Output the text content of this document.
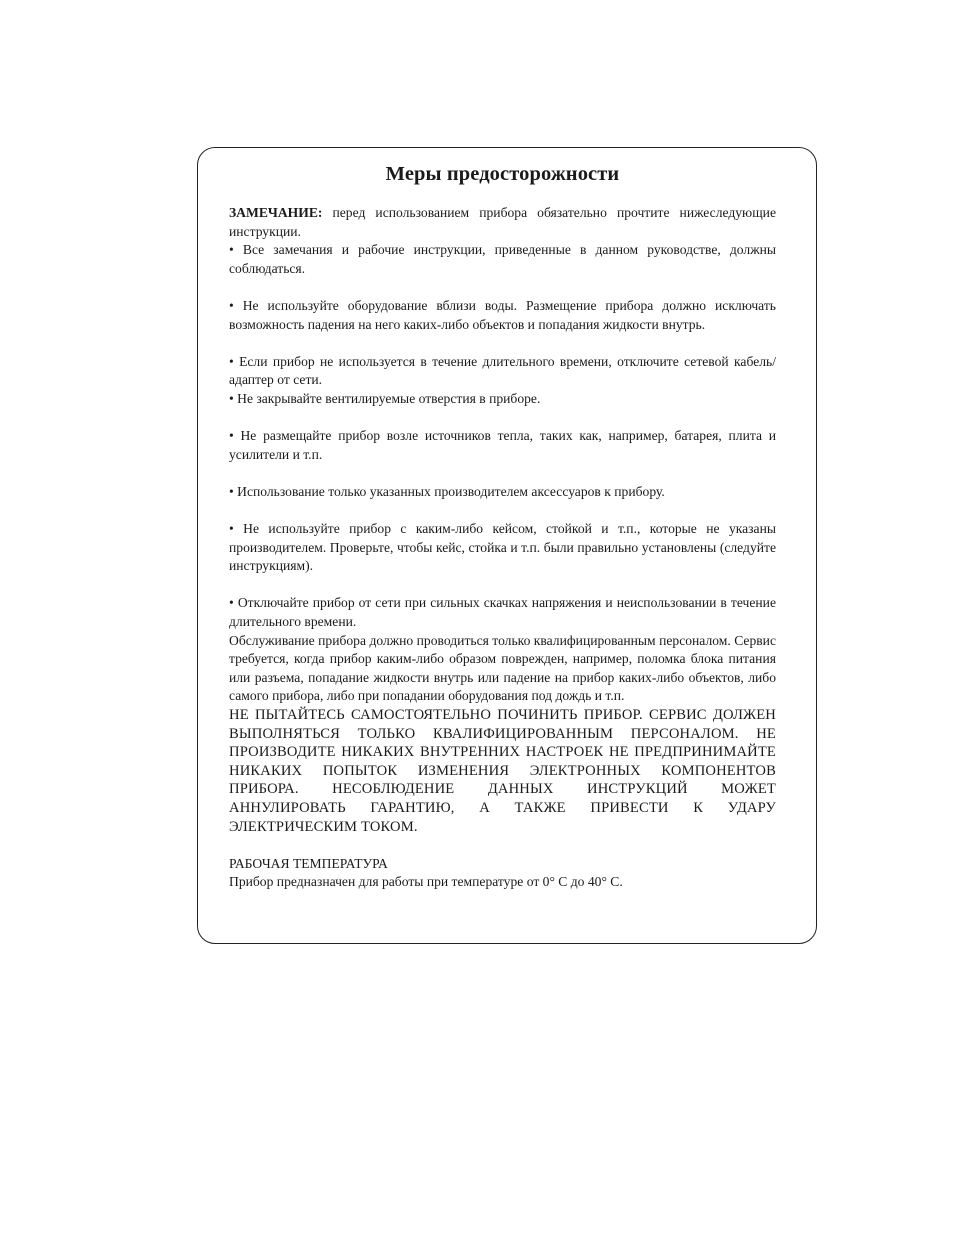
Меры предосторожности

ЗАМЕЧАНИЕ: перед использованием прибора обязательно прочтите нижеследующие инструкции.

• Все замечания и рабочие инструкции, приведенные в данном руководстве, должны соблюдаться.

• Не используйте оборудование вблизи воды. Размещение прибора должно исключать возможность падения на него каких-либо объектов и попадания жидкости внутрь.

• Если прибор не используется в течение длительного времени, отключите сетевой кабель/адаптер от сети.

• Не закрывайте вентилируемые отверстия в приборе.

• Не размещайте прибор возле источников тепла, таких как, например, батарея, плита и усилители и т.п.

• Использование только указанных производителем аксессуаров к прибору.

• Не используйте прибор с каким-либо кейсом, стойкой и т.п., которые не указаны производителем. Проверьте, чтобы кейс, стойка и т.п. были правильно установлены (следуйте инструкциям).

• Отключайте прибор от сети при сильных скачках напряжения и неиспользовании в течение длительного времени.

Обслуживание прибора должно проводиться только квалифицированным персоналом. Сервис требуется, когда прибор каким-либо образом поврежден, например, поломка блока питания или разъема, попадание жидкости внутрь или падение на прибор каких-либо объектов, либо самого прибора, либо при попадании оборудования под дождь и т.п.

НЕ ПЫТАЙТЕСЬ САМОСТОЯТЕЛЬНО ПОЧИНИТЬ ПРИБОР. СЕРВИС ДОЛЖЕН ВЫПОЛНЯТЬСЯ ТОЛЬКО КВАЛИФИЦИРОВАННЫМ ПЕРСОНАЛОМ. НЕ ПРОИЗВОДИТЕ НИКАКИХ ВНУТРЕННИХ НАСТРОЕК НЕ ПРЕДПРИНИМАЙТЕ НИКАКИХ ПОПЫТОК ИЗМЕНЕНИЯ ЭЛЕКТРОННЫХ КОМПОНЕНТОВ ПРИБОРА. НЕСОБЛЮДЕНИЕ ДАННЫХ ИНСТРУКЦИЙ МОЖЕТ АННУЛИРОВАТЬ ГАРАНТИЮ, А ТАКЖЕ ПРИВЕСТИ К УДАРУ ЭЛЕКТРИЧЕСКИМ ТОКОМ.

РАБОЧАЯ ТЕМПЕРАТУРА

Прибор предназначен для работы при температуре от 0° С до 40° С.
